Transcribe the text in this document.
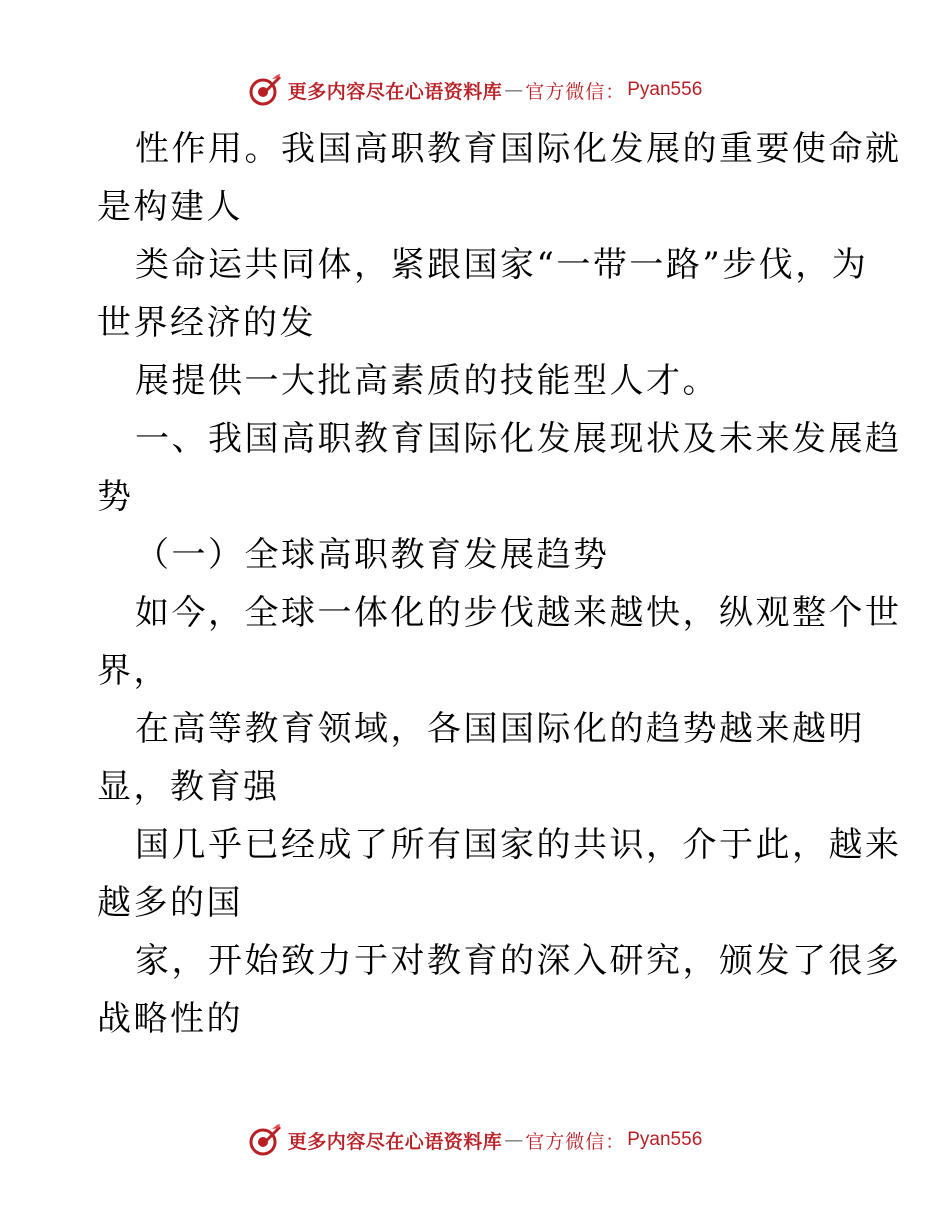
更多内容尽在心语资料库 — 官方微信： Pyan556
性作用。我国高职教育国际化发展的重要使命就
是构建人
类命运共同体，紧跟国家“一带一路”步伐，为
世界经济的发
展提供一大批高素质的技能型人才。
一、我国高职教育国际化发展现状及未来发展趋
势
（一）全球高职教育发展趋势
如今，全球一体化的步伐越来越快，纵观整个世
界，
在高等教育领域，各国国际化的趋势越来越明
显，教育强
国几乎已经成了所有国家的共识，介于此，越来
越多的国
家，开始致力于对教育的深入研究，颁发了很多
战略性的
更多内容尽在心语资料库 — 官方微信： Pyan556
